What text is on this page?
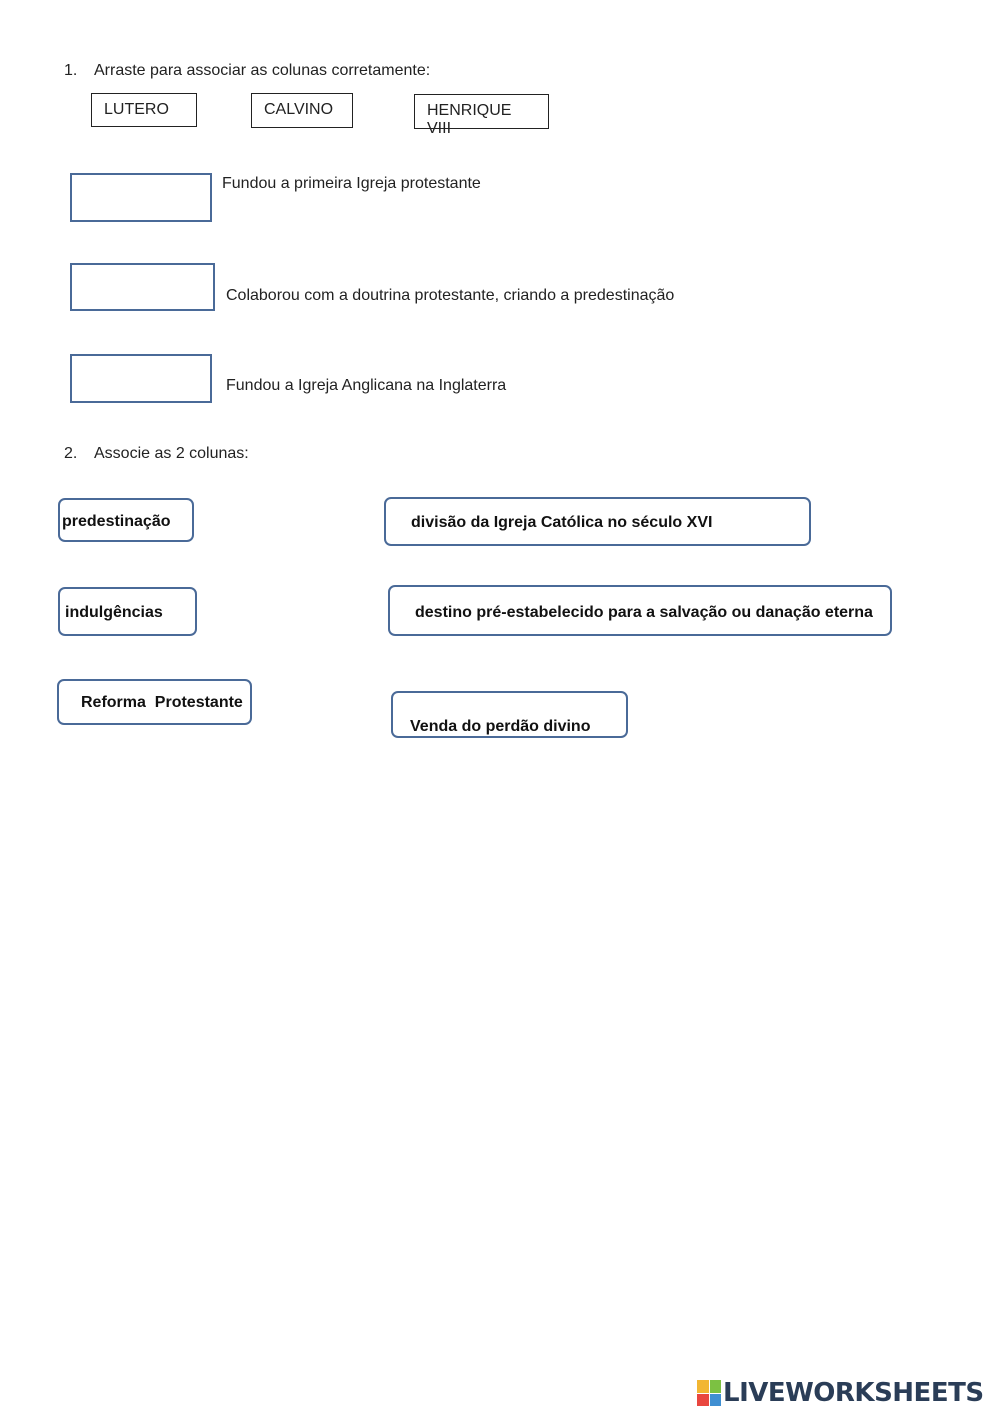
1. Arraste para associar as colunas corretamente:
LUTERO	CALVINO	HENRIQUE VIII
Fundou a primeira Igreja protestante
Colaborou com a doutrina protestante, criando a predestinação
Fundou a Igreja Anglicana na Inglaterra
2. Associe as 2 colunas:
predestinação
indulgências
Reforma  Protestante
divisão da Igreja Católica no século XVI
destino pré-estabelecido para a salvação ou danação eterna
Venda do perdão divino
LIVEWORKSHEETS
